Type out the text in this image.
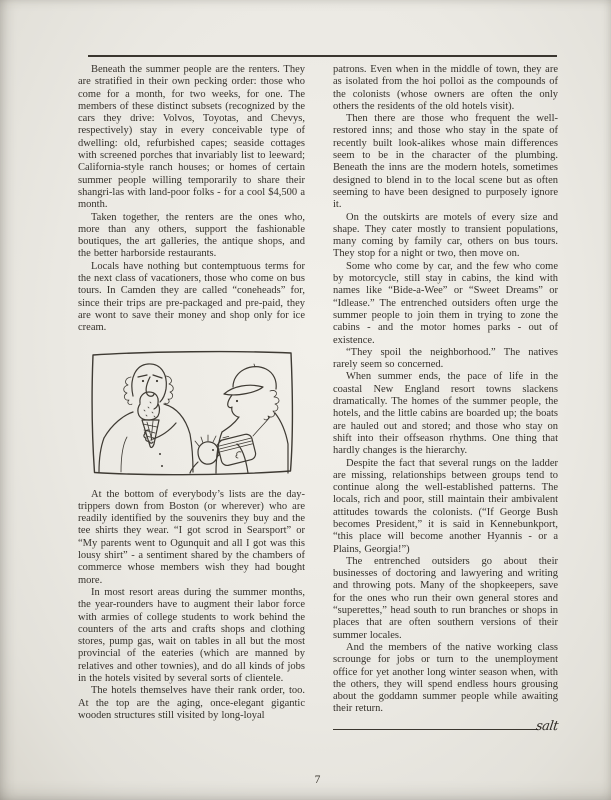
Beneath the summer people are the renters. They are stratified in their own pecking order: those who come for a month, for two weeks, for one. The members of these distinct subsets (recognized by the cars they drive: Volvos, Toyotas, and Chevys, respectively) stay in every conceivable type of dwelling: old, refurbished capes; seaside cottages with screened porches that invariably list to leeward; California-style ranch houses; or homes of certain summer people willing temporarily to share their shangri-las with land-poor folks - for a cool $4,500 a month.

Taken together, the renters are the ones who, more than any others, support the fashionable boutiques, the art galleries, the antique shops, and the better harborside restaurants.

Locals have nothing but contemptuous terms for the next class of vacationers, those who come on bus tours. In Camden they are called “coneheads” for, since their trips are pre-packaged and pre-paid, they are wont to save their money and shop only for ice cream.

At the bottom of everybody’s lists are the day-trippers down from Boston (or wherever) who are readily identified by the souvenirs they buy and the tee shirts they wear. “I got scrod in Searsport” or “My parents went to Ogunquit and all I got was this lousy shirt” - a sentiment shared by the chambers of commerce whose members wish they had bought more.

In most resort areas during the summer months, the year-rounders have to augment their labor force with armies of college students to work behind the counters of the arts and crafts shops and clothing stores, pump gas, wait on tables in all but the most provincial of the eateries (which are manned by relatives and other townies), and do all kinds of jobs in the hotels visited by several sorts of clientele.

The hotels themselves have their rank order, too. At the top are the aging, once-elegant gigantic wooden structures still visited by long-loyal

patrons. Even when in the middle of town, they are as isolated from the hoi polloi as the compounds of the colonists (whose owners are often the only others the residents of the old hotels visit).

Then there are those who frequent the well-restored inns; and those who stay in the spate of recently built look-alikes whose main differences seem to be in the character of the plumbing. Beneath the inns are the modern hotels, sometimes designed to blend in to the local scene but as often seeming to have been designed to purposely ignore it.

On the outskirts are motels of every size and shape. They cater mostly to transient populations, many coming by family car, others on bus tours. They stop for a night or two, then move on.

Some who come by car, and the few who come by motorcycle, still stay in cabins, the kind with names like “Bide-a-Wee” or “Sweet Dreams” or “Idlease.” The entrenched outsiders often urge the summer people to join them in trying to zone the cabins - and the motor homes parks - out of existence.

“They spoil the neighborhood.” The natives rarely seem so concerned.

When summer ends, the pace of life in the coastal New England resort towns slackens dramatically. The homes of the summer people, the hotels, and the little cabins are boarded up; the boats are hauled out and stored; and those who stay on shift into their offseason rhythms. One thing that hardly changes is the hierarchy.

Despite the fact that several rungs on the ladder are missing, relationships between groups tend to continue along the well-established patterns. The locals, rich and poor, still maintain their ambivalent attitudes towards the colonists. (“If George Bush becomes President,” it is said in Kennebunkport, “this place will become another Hyannis - or a Plains, Georgia!”)

The entrenched outsiders go about their businesses of doctoring and lawyering and writing and throwing pots. Many of the shopkeepers, save for the ones who run their own general stores and “superettes,” head south to run branches or shops in places that are often southern versions of their summer locales.

And the members of the native working class scrounge for jobs or turn to the unemployment office for yet another long winter season when, with the others, they will spend endless hours grousing about the goddamn summer people while awaiting their return.

salt
7
